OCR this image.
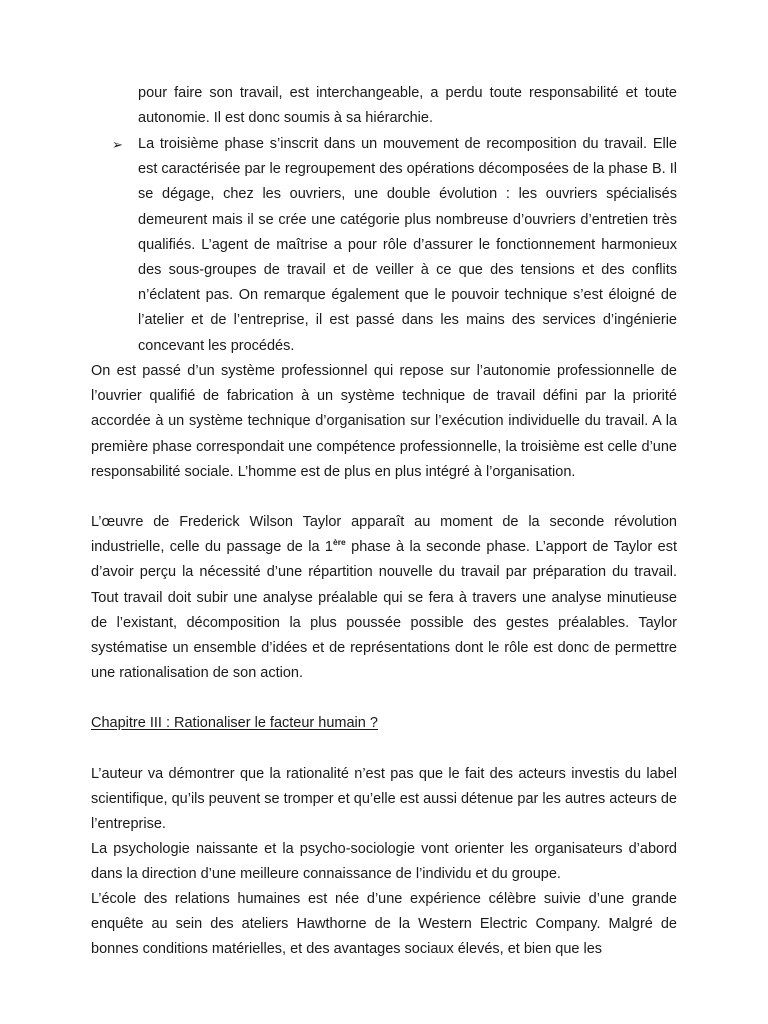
pour faire son travail, est interchangeable, a perdu toute responsabilité et toute autonomie. Il est donc soumis à sa hiérarchie.

➢ La troisième phase s’inscrit dans un mouvement de recomposition du travail. Elle est caractérisée par le regroupement des opérations décomposées de la phase B. Il se dégage, chez les ouvriers, une double évolution : les ouvriers spécialisés demeurent mais il se crée une catégorie plus nombreuse d’ouvriers d’entretien très qualifiés. L’agent de maîtrise a pour rôle d’assurer le fonctionnement harmonieux des sous-groupes de travail et de veiller à ce que des tensions et des conflits n’éclatent pas. On remarque également que le pouvoir technique s’est éloigné de l’atelier et de l’entreprise, il est passé dans les mains des services d’ingénierie concevant les procédés.

On est passé d’un système professionnel qui repose sur l’autonomie professionnelle de l’ouvrier qualifié de fabrication à un système technique de travail défini par la priorité accordée à un système technique d’organisation sur l’exécution individuelle du travail. A la première phase correspondait une compétence professionnelle, la troisième est celle d’une responsabilité sociale. L’homme est de plus en plus intégré à l’organisation.

L’œuvre de Frederick Wilson Taylor apparaît au moment de la seconde révolution industrielle, celle du passage de la 1ère phase à la seconde phase. L’apport de Taylor est d’avoir perçu la nécessité d’une répartition nouvelle du travail par préparation du travail. Tout travail doit subir une analyse préalable qui se fera à travers une analyse minutieuse de l’existant, décomposition la plus poussée possible des gestes préalables. Taylor systématise un ensemble d’idées et de représentations dont le rôle est donc de permettre une rationalisation de son action.

Chapitre III : Rationaliser le facteur humain ?

L’auteur va démontrer que la rationalité n’est pas que le fait des acteurs investis du label scientifique, qu’ils peuvent se tromper et qu’elle est aussi détenue par les autres acteurs de l’entreprise.

La psychologie naissante et la psycho-sociologie vont orienter les organisateurs d’abord dans la direction d’une meilleure connaissance de l’individu et du groupe.

L’école des relations humaines est née d’une expérience célèbre suivie d’une grande enquête au sein des ateliers Hawthorne de la Western Electric Company. Malgré de bonnes conditions matérielles, et des avantages sociaux élevés, et bien que les
